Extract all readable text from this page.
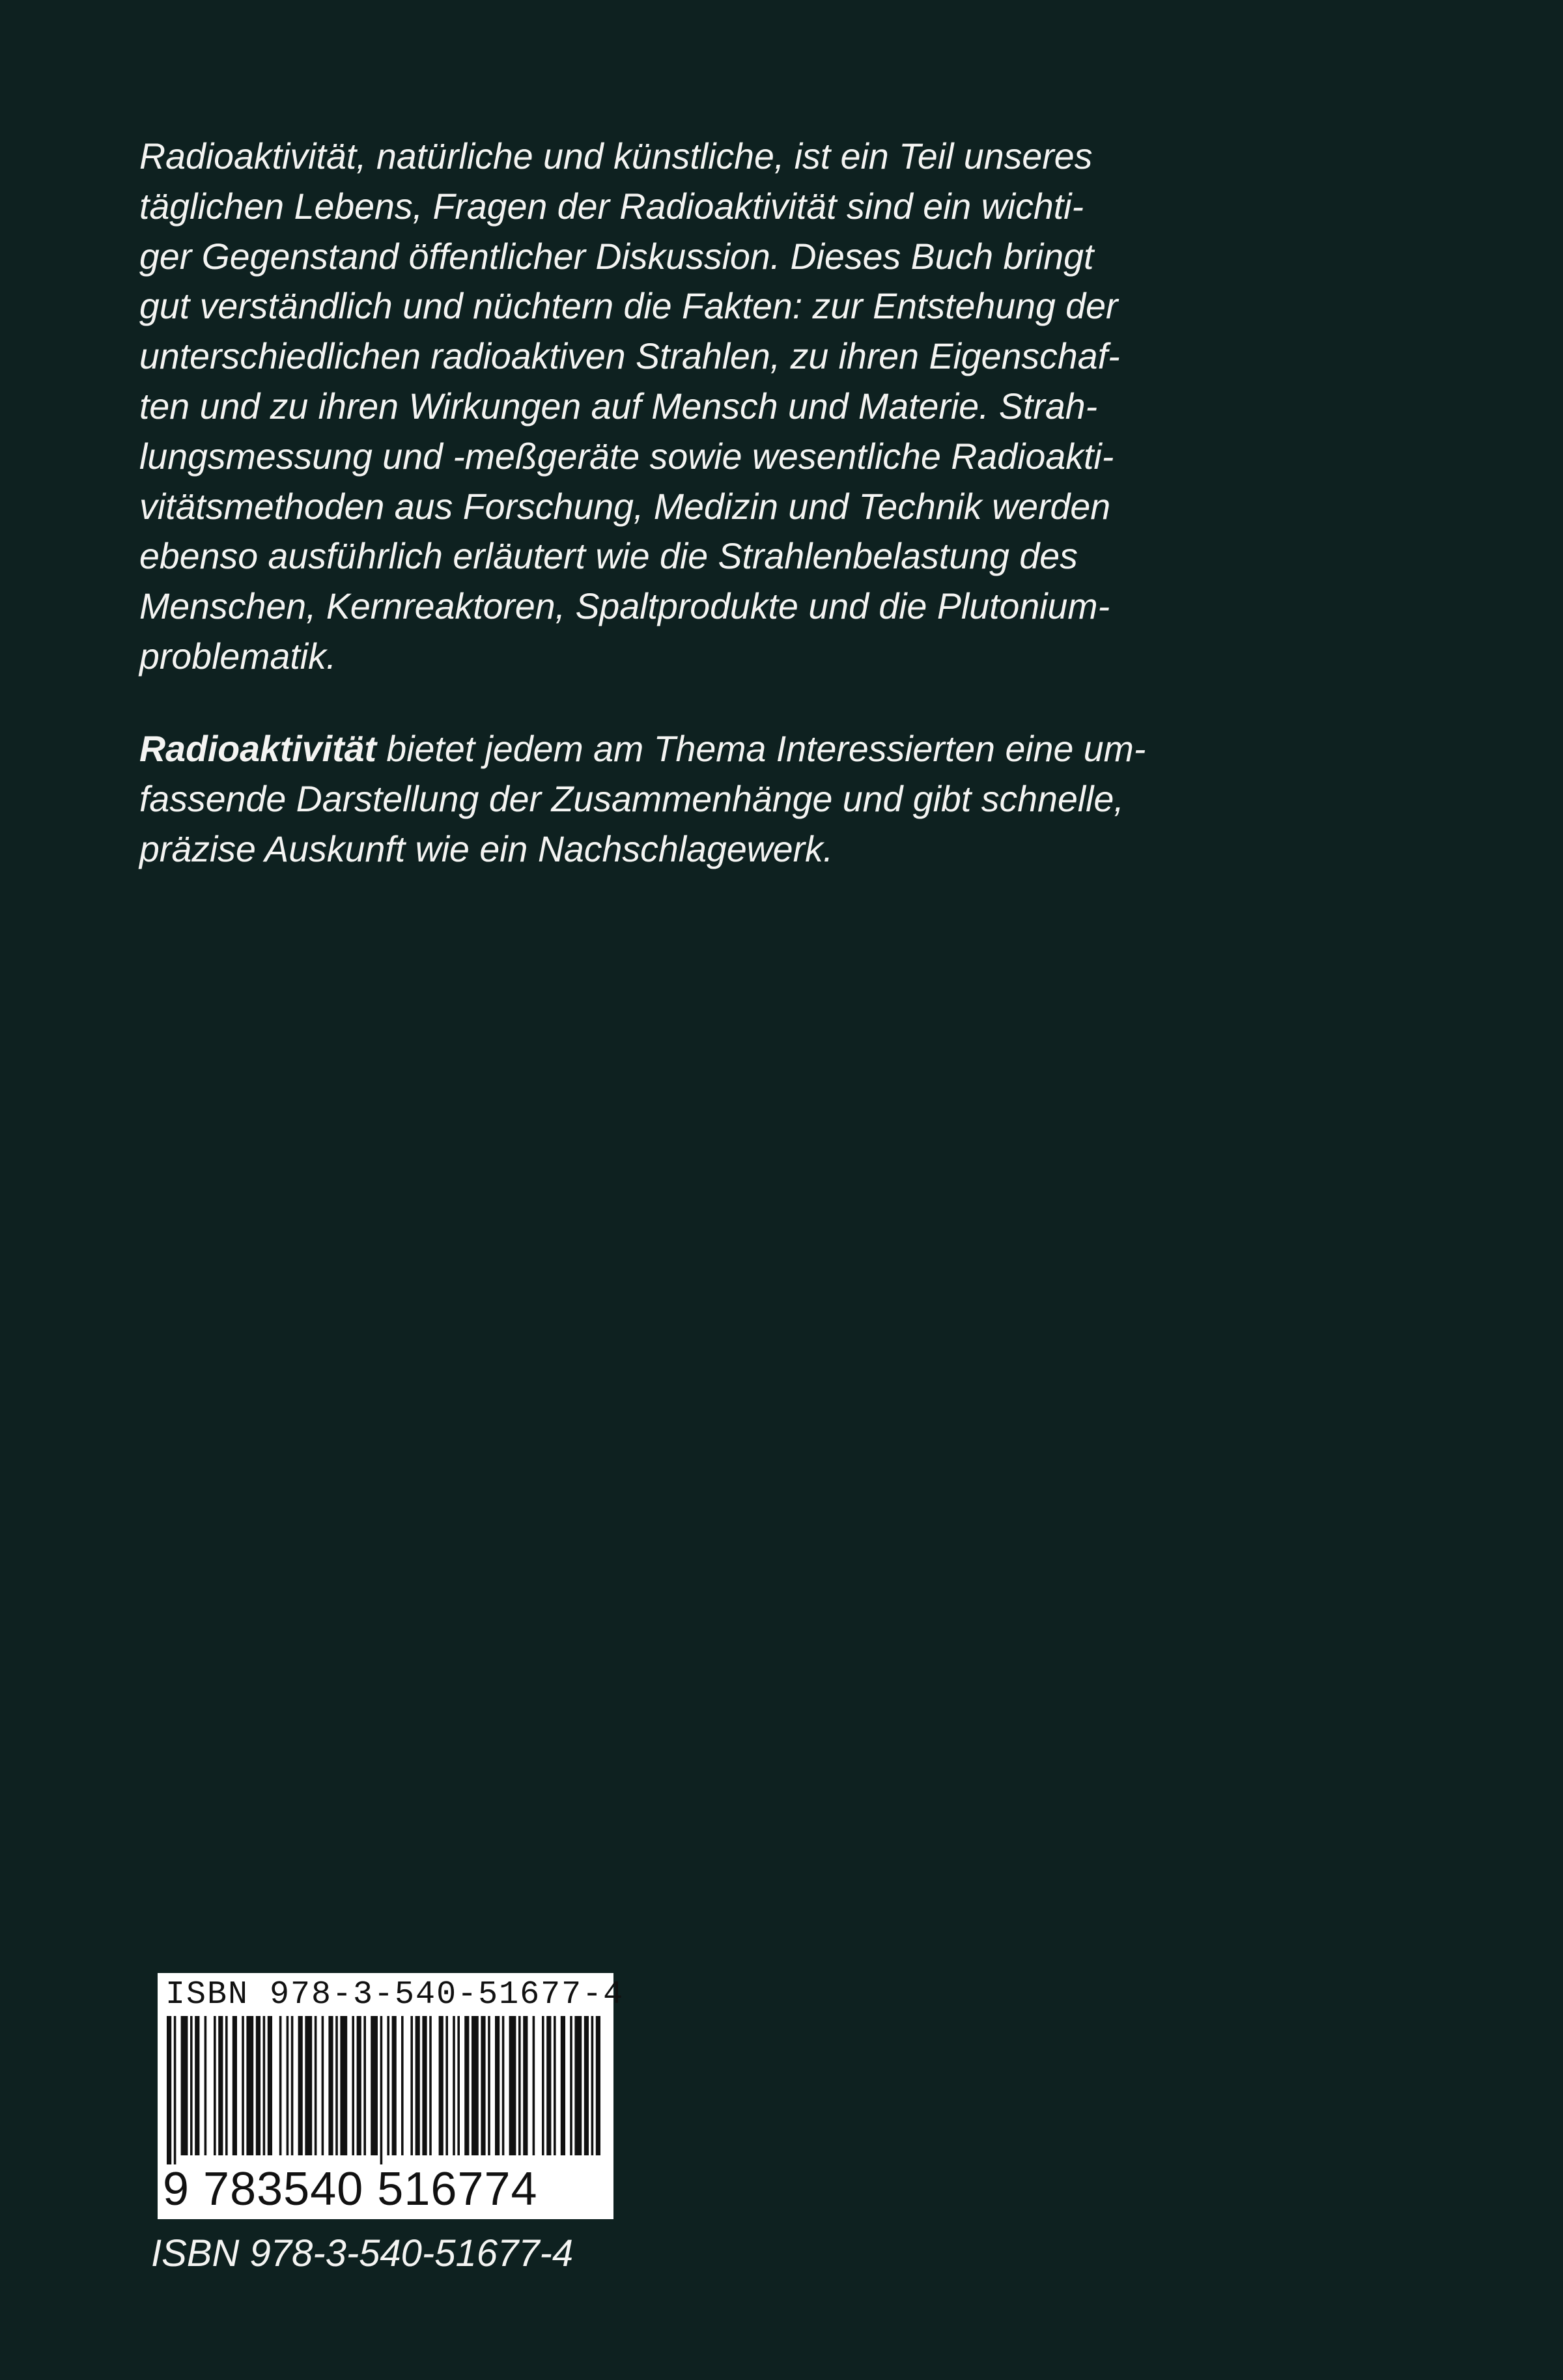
Radioaktivität, natürliche und künstliche, ist ein Teil unseres
täglichen Lebens, Fragen der Radioaktivität sind ein wichti-
ger Gegenstand öffentlicher Diskussion. Dieses Buch bringt
gut verständlich und nüchtern die Fakten: zur Entstehung der
unterschiedlichen radioaktiven Strahlen, zu ihren Eigenschaf-
ten und zu ihren Wirkungen auf Mensch und Materie. Strah-
lungsmessung und -meßgeräte sowie wesentliche Radioakti-
vitätsmethoden aus Forschung, Medizin und Technik werden
ebenso ausführlich erläutert wie die Strahlenbelastung des
Menschen, Kernreaktoren, Spaltprodukte und die Plutonium-
problematik.
Radioaktivität bietet jedem am Thema Interessierten eine um-
fassende Darstellung der Zusammenhänge und gibt schnelle,
präzise Auskunft wie ein Nachschlagewerk.
ISBN 978-3-540-51677-4
9 783540 516774
ISBN 978-3-540-51677-4
